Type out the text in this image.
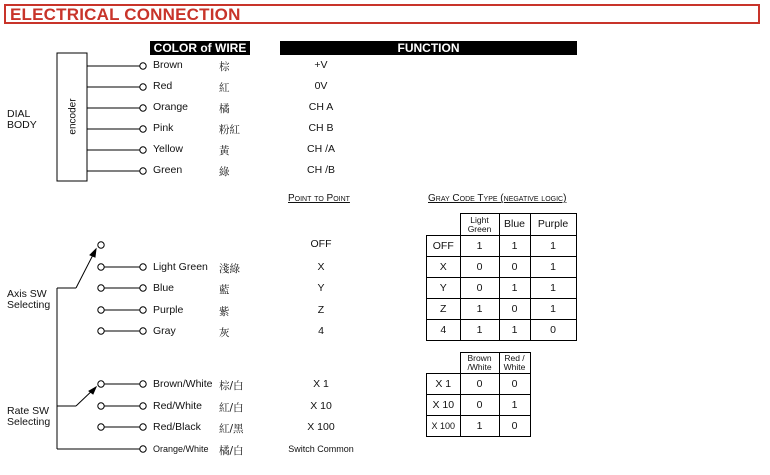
ELECTRICAL CONNECTION
COLOR of WIRE	FUNCTION
encoder
DIAL
BODY
Brown	棕	+V
Red	紅	0V
Orange	橘	CH A
Pink	粉紅	CH B
Yellow	黃	CH /A
Green	綠	CH /B
Point to Point	Gray Code Type (negative logic)
Axis SW
Selecting
OFF
Light Green 淺綠	X
Blue	藍	Y
Purple	紫	Z
Gray	灰	4
Rate SW
Selecting
Brown/White 棕/白	X 1
Red/White 紅/白	X 10
Red/Black 紅/黑	X 100
Orange/White 橘/白	Switch Common
	Light Green	Blue	Purple
OFF	1	1	1
X	0	0	1
Y	0	1	1
Z	1	0	1
4	1	1	0
	Brown /White	Red / White
X 1	0	0
X 10	0	1
X 100	1	0
